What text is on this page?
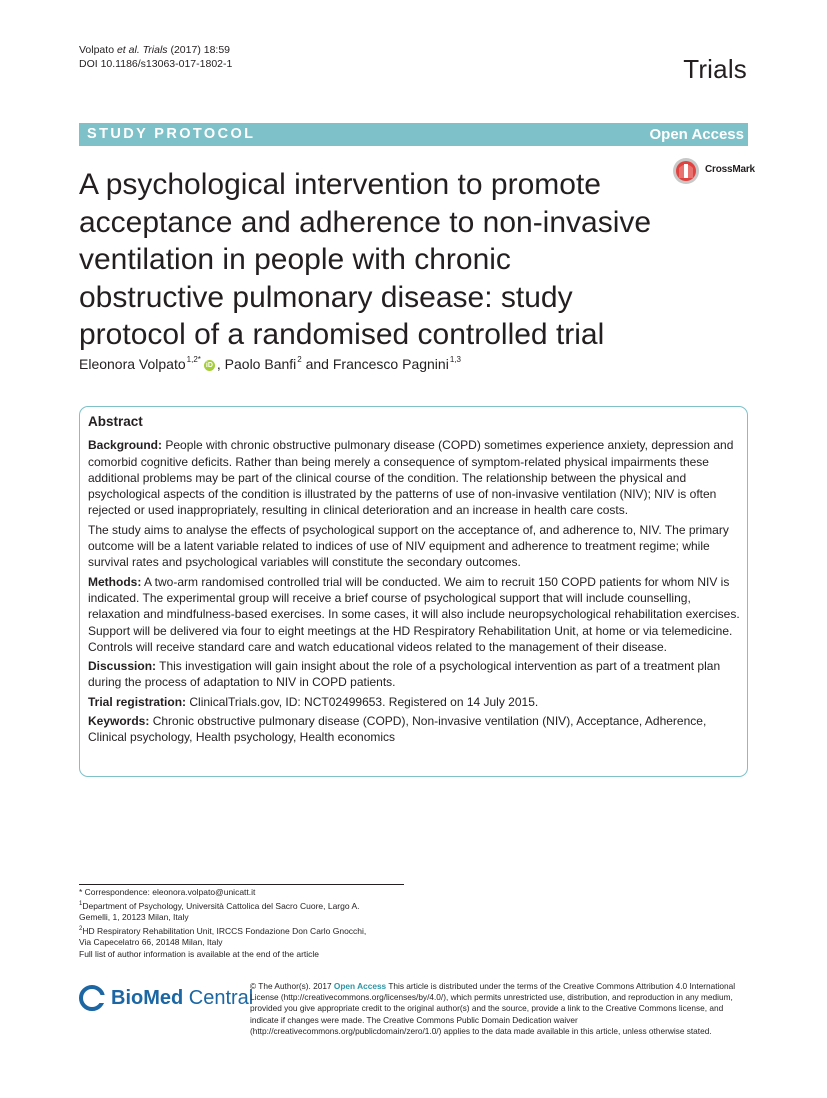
Volpato et al. Trials (2017) 18:59
DOI 10.1186/s13063-017-1802-1	Trials
STUDY PROTOCOL	Open Access
CrossMark
A psychological intervention to promote
acceptance and adherence to non-invasive
ventilation in people with chronic
obstructive pulmonary disease: study
protocol of a randomised controlled trial
Eleonora Volpato$^{1,2*}$iD , Paolo Banfi$^2$ and Francesco Pagnini$^{1,3}$
Abstract

Background: People with chronic obstructive pulmonary disease (COPD) sometimes experience anxiety, depression and comorbid cognitive deficits. Rather than being merely a consequence of symptom-related physical impairments these additional problems may be part of the clinical course of the condition. The relationship between the physical and psychological aspects of the condition is illustrated by the patterns of use of non-invasive ventilation (NIV); NIV is often rejected or used inappropriately, resulting in clinical deterioration and an increase in health care costs.

The study aims to analyse the effects of psychological support on the acceptance of, and adherence to, NIV. The primary outcome will be a latent variable related to indices of use of NIV equipment and adherence to treatment regime; while survival rates and psychological variables will constitute the secondary outcomes.

Methods: A two-arm randomised controlled trial will be conducted. We aim to recruit 150 COPD patients for whom NIV is indicated. The experimental group will receive a brief course of psychological support that will include counselling, relaxation and mindfulness-based exercises. In some cases, it will also include neuropsychological rehabilitation exercises. Support will be delivered via four to eight meetings at the HD Respiratory Rehabilitation Unit, at home or via telemedicine. Controls will receive standard care and watch educational videos related to the management of their disease.

Discussion: This investigation will gain insight about the role of a psychological intervention as part of a treatment plan during the process of adaptation to NIV in COPD patients.

Trial registration: ClinicalTrials.gov, ID: NCT02499653. Registered on 14 July 2015.

Keywords: Chronic obstructive pulmonary disease (COPD), Non-invasive ventilation (NIV), Acceptance, Adherence, Clinical psychology, Health psychology, Health economics

* Correspondence: eleonora.volpato@unicatt.it
$^1$Department of Psychology, Università Cattolica del Sacro Cuore, Largo A.
Gemelli, 1, 20123 Milan, Italy
$^2$HD Respiratory Rehabilitation Unit, IRCCS Fondazione Don Carlo Gnocchi,
Via Capecelatro 66, 20148 Milan, Italy
Full list of author information is available at the end of the article
BioMed Central
© The Author(s). 2017 Open Access This article is distributed under the terms of the Creative Commons Attribution 4.0 International License (http://creativecommons.org/licenses/by/4.0/), which permits unrestricted use, distribution, and reproduction in any medium, provided you give appropriate credit to the original author(s) and the source, provide a link to the Creative Commons license, and indicate if changes were made. The Creative Commons Public Domain Dedication waiver (http://creativecommons.org/publicdomain/zero/1.0/) applies to the data made available in this article, unless otherwise stated.
